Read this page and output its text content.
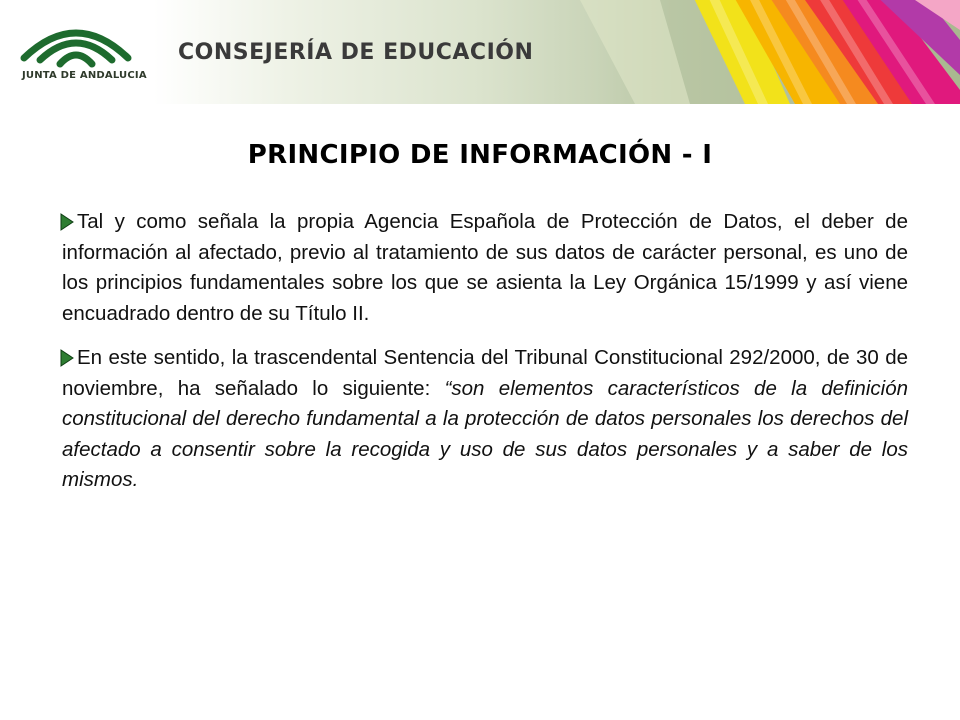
JUNTA DE ANDALUCIA
CONSEJERÍA DE EDUCACIÓN
PRINCIPIO DE INFORMACIÓN - I

Tal y como señala la propia Agencia Española de Protección de Datos, el deber de información al afectado, previo al tratamiento de sus datos de carácter personal, es uno de los principios fundamentales sobre los que se asienta la Ley Orgánica 15/1999 y así viene encuadrado dentro de su Título II.

En este sentido, la trascendental Sentencia del Tribunal Constitucional 292/2000, de 30 de noviembre, ha señalado lo siguiente: “son elementos característicos de la definición constitucional del derecho fundamental a la protección de datos personales los derechos del afectado a consentir sobre la recogida y uso de sus datos personales y a saber de los mismos.
